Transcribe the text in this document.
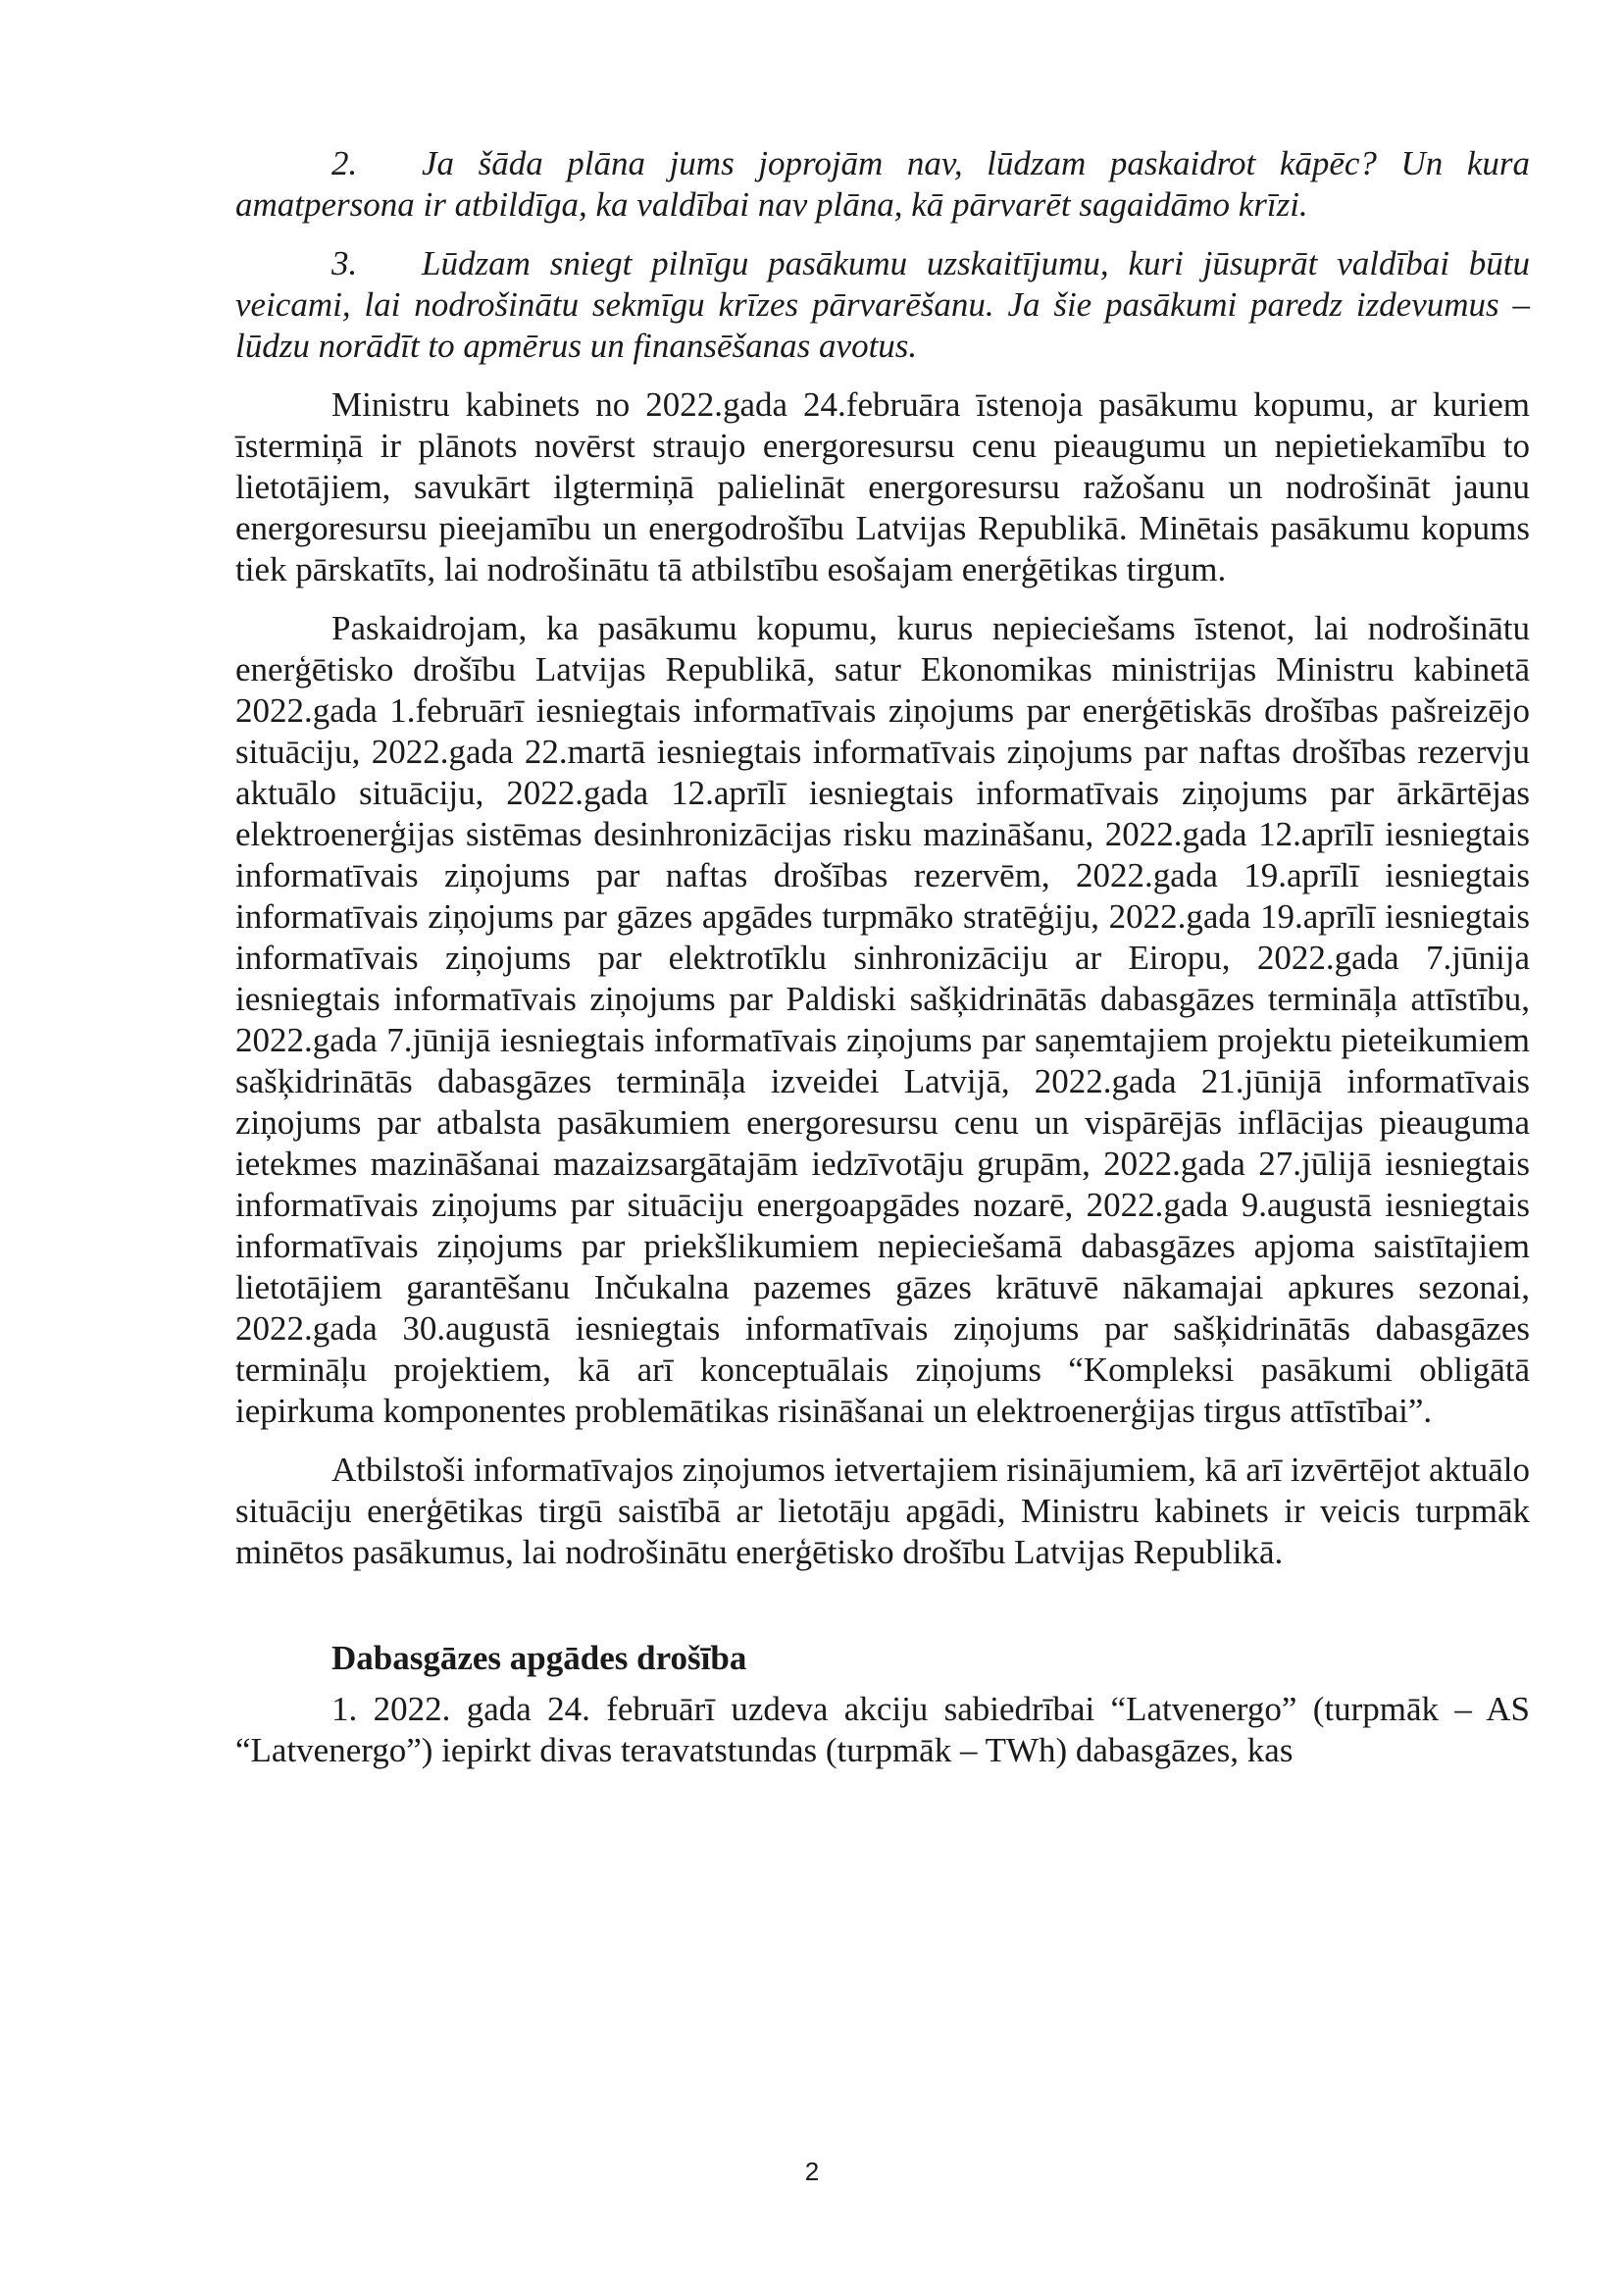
2. Ja šāda plāna jums joprojām nav, lūdzam paskaidrot kāpēc? Un kura amatpersona ir atbildīga, ka valdībai nav plāna, kā pārvarēt sagaidāmo krīzi.

3. Lūdzam sniegt pilnīgu pasākumu uzskaitījumu, kuri jūsuprāt valdībai būtu veicami, lai nodrošinātu sekmīgu krīzes pārvarēšanu. Ja šie pasākumi paredz izdevumus – lūdzu norādīt to apmērus un finansēšanas avotus.

Ministru kabinets no 2022.gada 24.februāra īstenoja pasākumu kopumu, ar kuriem īstermiņā ir plānots novērst straujo energoresursu cenu pieaugumu un nepietiekamību to lietotājiem, savukārt ilgtermiņā palielināt energoresursu ražošanu un nodrošināt jaunu energoresursu pieejamību un energodrošību Latvijas Republikā. Minētais pasākumu kopums tiek pārskatīts, lai nodrošinātu tā atbilstību esošajam enerģētikas tirgum.

Paskaidrojam, ka pasākumu kopumu, kurus nepieciešams īstenot, lai nodrošinātu enerģētisko drošību Latvijas Republikā, satur Ekonomikas ministrijas Ministru kabinetā 2022.gada 1.februārī iesniegtais informatīvais ziņojums par enerģētiskās drošības pašreizējo situāciju, 2022.gada 22.martā iesniegtais informatīvais ziņojums par naftas drošības rezervju aktuālo situāciju, 2022.gada 12.aprīlī iesniegtais informatīvais ziņojums par ārkārtējas elektroenerģijas sistēmas desinhronizācijas risku mazināšanu, 2022.gada 12.aprīlī iesniegtais informatīvais ziņojums par naftas drošības rezervēm, 2022.gada 19.aprīlī iesniegtais informatīvais ziņojums par gāzes apgādes turpmāko stratēģiju, 2022.gada 19.aprīlī iesniegtais informatīvais ziņojums par elektrotīklu sinhronizāciju ar Eiropu, 2022.gada 7.jūnija iesniegtais informatīvais ziņojums par Paldiski sašķidrinātās dabasgāzes termināļa attīstību, 2022.gada 7.jūnijā iesniegtais informatīvais ziņojums par saņemtajiem projektu pieteikumiem sašķidrinātās dabasgāzes termināļa izveidei Latvijā, 2022.gada 21.jūnijā informatīvais ziņojums par atbalsta pasākumiem energoresursu cenu un vispārējās inflācijas pieauguma ietekmes mazināšanai mazaizsargātajām iedzīvotāju grupām, 2022.gada 27.jūlijā iesniegtais informatīvais ziņojums par situāciju energoapgādes nozarē, 2022.gada 9.augustā iesniegtais informatīvais ziņojums par priekšlikumiem nepieciešamā dabasgāzes apjoma saistītajiem lietotājiem garantēšanu Inčukalna pazemes gāzes krātuvē nākamajai apkures sezonai, 2022.gada 30.augustā iesniegtais informatīvais ziņojums par sašķidrinātās dabasgāzes termināļu projektiem, kā arī konceptuālais ziņojums “Kompleksi pasākumi obligātā iepirkuma komponentes problemātikas risināšanai un elektroenerģijas tirgus attīstībai”.

Atbilstoši informatīvajos ziņojumos ietvertajiem risinājumiem, kā arī izvērtējot aktuālo situāciju enerģētikas tirgū saistībā ar lietotāju apgādi, Ministru kabinets ir veicis turpmāk minētos pasākumus, lai nodrošinātu enerģētisko drošību Latvijas Republikā.

Dabasgāzes apgādes drošība

1. 2022. gada 24. februārī uzdeva akciju sabiedrībai “Latvenergo” (turpmāk – AS “Latvenergo”) iepirkt divas teravatstundas (turpmāk – TWh) dabasgāzes, kas

2
